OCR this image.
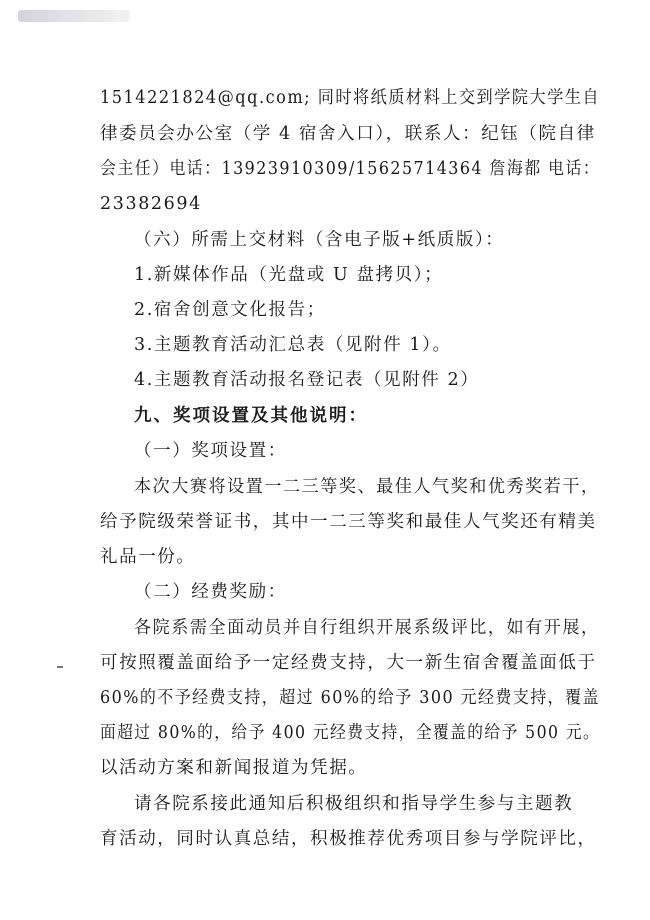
1514221824@qq.com; 同时将纸质材料上交到学院大学生自
律委员会办公室（学 4 宿舍入口），联系人：纪钰（院自律
会主任）电话：13923910309/15625714364 詹海都 电话：
23382694
（六）所需上交材料（含电子版+纸质版）：
1.新媒体作品（光盘或 U 盘拷贝）；
2.宿舍创意文化报告；
3.主题教育活动汇总表（见附件 1）。
4.主题教育活动报名登记表（见附件 2）
九、奖项设置及其他说明：
（一）奖项设置：
本次大赛将设置一二三等奖、最佳人气奖和优秀奖若干，
给予院级荣誉证书，其中一二三等奖和最佳人气奖还有精美
礼品一份。
（二）经费奖励：
各院系需全面动员并自行组织开展系级评比，如有开展，
可按照覆盖面给予一定经费支持，大一新生宿舍覆盖面低于
60%的不予经费支持，超过 60%的给予 300 元经费支持，覆盖
面超过 80%的，给予 400 元经费支持，全覆盖的给予 500 元。
以活动方案和新闻报道为凭据。
请各院系接此通知后积极组织和指导学生参与主题教
育活动，同时认真总结，积极推荐优秀项目参与学院评比，
